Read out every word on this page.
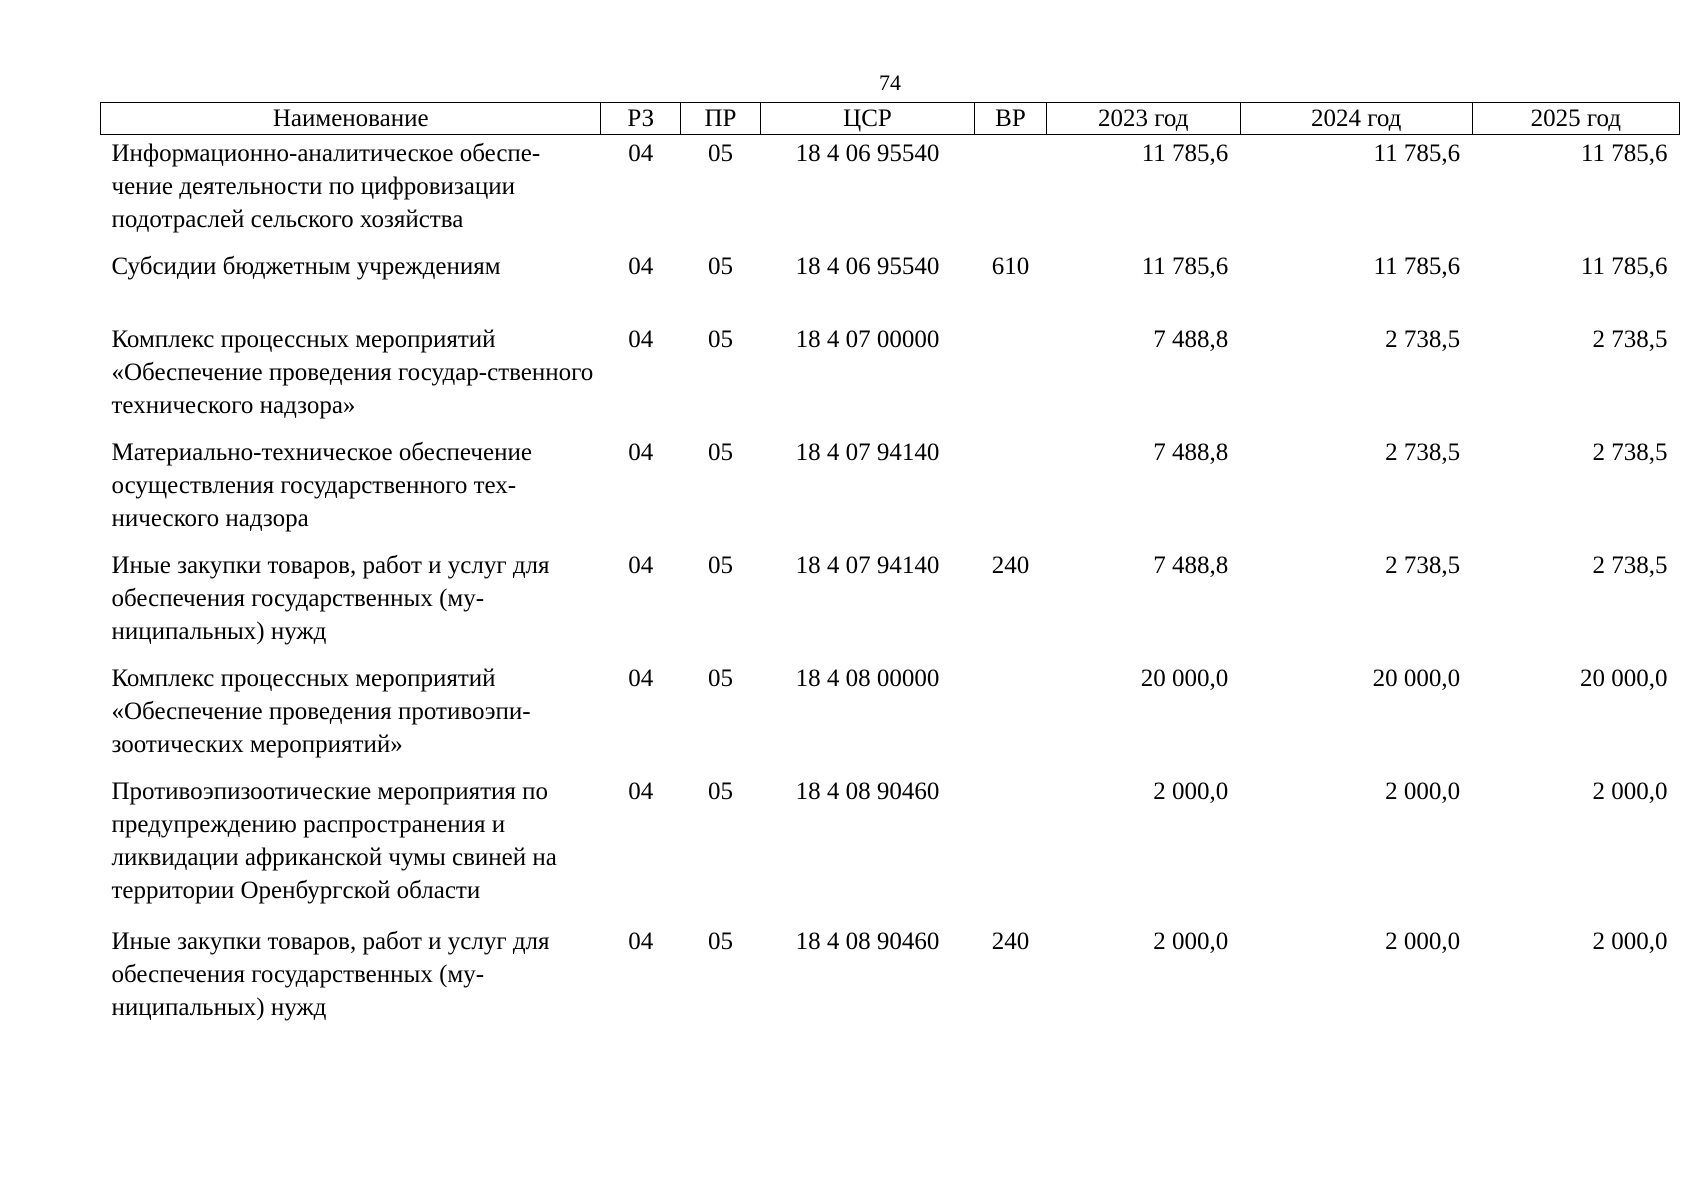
74
Наименование	РЗ	ПР	ЦСР	ВР	2023 год	2024 год	2025 год
Информационно-аналитическое обеспе-чение деятельности по цифровизации подотраслей сельского хозяйства	04	05	18 4 06 95540		11 785,6	11 785,6	11 785,6
Субсидии бюджетным учреждениям	04	05	18 4 06 95540	610	11 785,6	11 785,6	11 785,6
Комплекс процессных мероприятий «Обеспечение проведения государ-ственного технического надзора»	04	05	18 4 07 00000		7 488,8	2 738,5	2 738,5
Материально-техническое обеспечение осуществления государственного тех-нического надзора	04	05	18 4 07 94140		7 488,8	2 738,5	2 738,5
Иные закупки товаров, работ и услуг для обеспечения государственных (му-ниципальных) нужд	04	05	18 4 07 94140	240	7 488,8	2 738,5	2 738,5
Комплекс процессных мероприятий «Обеспечение проведения противоэпи-зоотических мероприятий»	04	05	18 4 08 00000		20 000,0	20 000,0	20 000,0
Противоэпизоотические мероприятия по предупреждению распространения и ликвидации африканской чумы свиней на территории Оренбургской области	04	05	18 4 08 90460		2 000,0	2 000,0	2 000,0
Иные закупки товаров, работ и услуг для обеспечения государственных (му-ниципальных) нужд	04	05	18 4 08 90460	240	2 000,0	2 000,0	2 000,0
